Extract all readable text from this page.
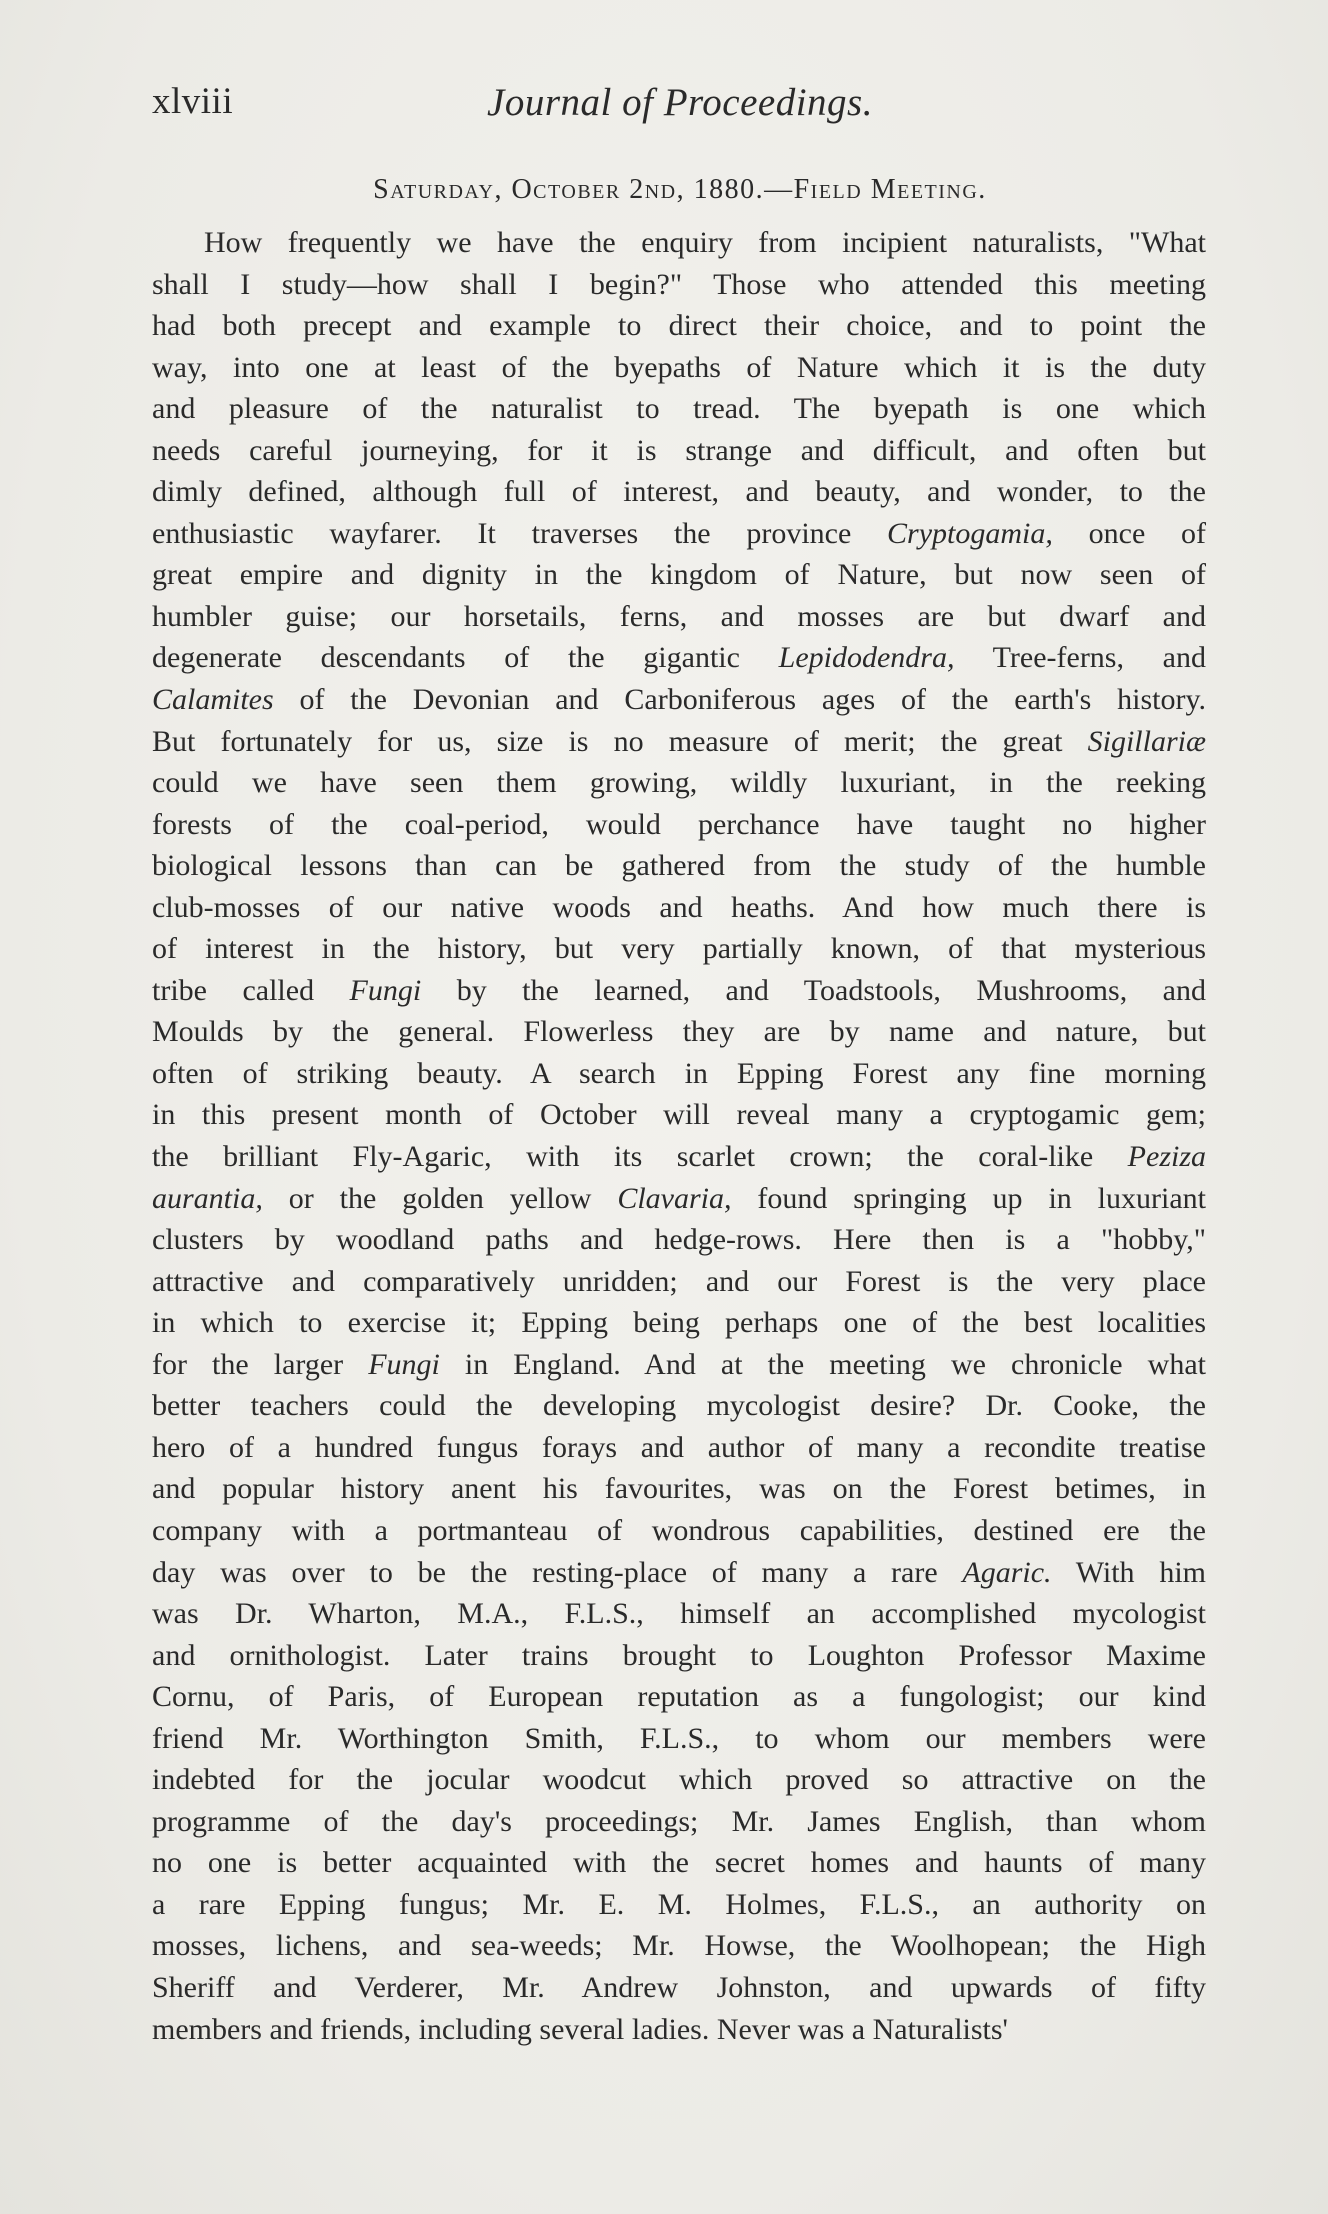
xlviii	Journal of Proceedings.
Saturday, October 2nd, 1880.—Field Meeting.
How frequently we have the enquiry from incipient naturalists, "What
shall I study—how shall I begin?" Those who attended this meeting
had both precept and example to direct their choice, and to point the
way, into one at least of the byepaths of Nature which it is the duty
and pleasure of the naturalist to tread. The byepath is one which
needs careful journeying, for it is strange and difficult, and often but
dimly defined, although full of interest, and beauty, and wonder, to the
enthusiastic wayfarer. It traverses the province Cryptogamia, once of
great empire and dignity in the kingdom of Nature, but now seen of
humbler guise; our horsetails, ferns, and mosses are but dwarf and
degenerate descendants of the gigantic Lepidodendra, Tree-ferns, and
Calamites of the Devonian and Carboniferous ages of the earth's history.
But fortunately for us, size is no measure of merit; the great Sigillariæ
could we have seen them growing, wildly luxuriant, in the reeking
forests of the coal-period, would perchance have taught no higher
biological lessons than can be gathered from the study of the humble
club-mosses of our native woods and heaths. And how much there is
of interest in the history, but very partially known, of that mysterious
tribe called Fungi by the learned, and Toadstools, Mushrooms, and
Moulds by the general. Flowerless they are by name and nature, but
often of striking beauty. A search in Epping Forest any fine morning
in this present month of October will reveal many a cryptogamic gem;
the brilliant Fly-Agaric, with its scarlet crown; the coral-like Peziza
aurantia, or the golden yellow Clavaria, found springing up in luxuriant
clusters by woodland paths and hedge-rows. Here then is a "hobby,"
attractive and comparatively unridden; and our Forest is the very place
in which to exercise it; Epping being perhaps one of the best localities
for the larger Fungi in England. And at the meeting we chronicle what
better teachers could the developing mycologist desire? Dr. Cooke, the
hero of a hundred fungus forays and author of many a recondite treatise
and popular history anent his favourites, was on the Forest betimes, in
company with a portmanteau of wondrous capabilities, destined ere the
day was over to be the resting-place of many a rare Agaric. With him
was Dr. Wharton, M.A., F.L.S., himself an accomplished mycologist
and ornithologist. Later trains brought to Loughton Professor Maxime
Cornu, of Paris, of European reputation as a fungologist; our kind
friend Mr. Worthington Smith, F.L.S., to whom our members were
indebted for the jocular woodcut which proved so attractive on the
programme of the day's proceedings; Mr. James English, than whom
no one is better acquainted with the secret homes and haunts of many
a rare Epping fungus; Mr. E. M. Holmes, F.L.S., an authority on
mosses, lichens, and sea-weeds; Mr. Howse, the Woolhopean; the High
Sheriff and Verderer, Mr. Andrew Johnston, and upwards of fifty
members and friends, including several ladies. Never was a Naturalists'
